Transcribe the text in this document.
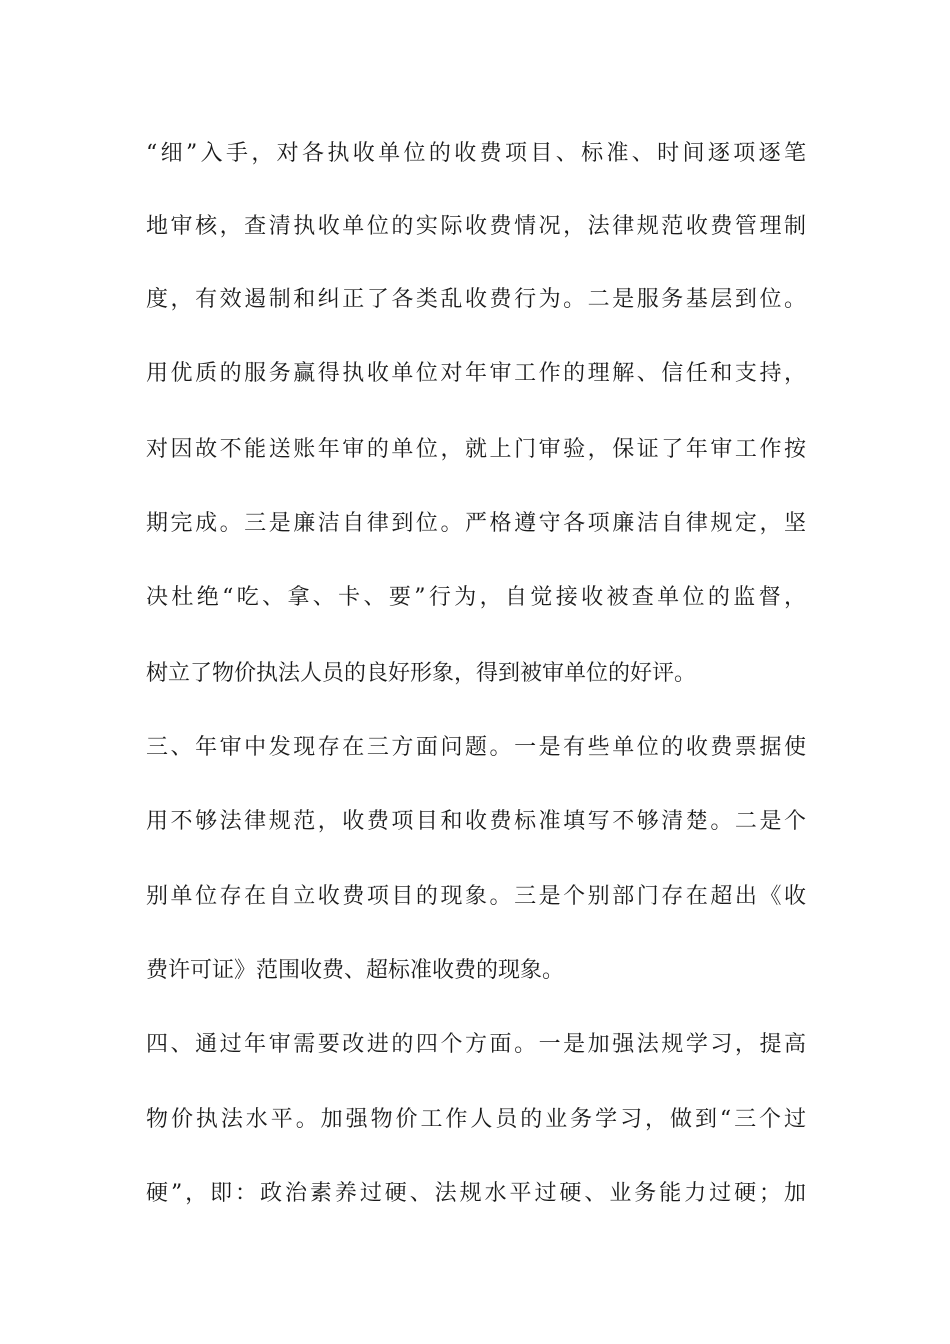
“细”入手，对各执收单位的收费项目、标准、时间逐项逐笔
地审核，查清执收单位的实际收费情况，法律规范收费管理制
度，有效遏制和纠正了各类乱收费行为。二是服务基层到位。
用优质的服务赢得执收单位对年审工作的理解、信任和支持，
对因故不能送账年审的单位，就上门审验，保证了年审工作按
期完成。三是廉洁自律到位。严格遵守各项廉洁自律规定，坚
决杜绝“吃、拿、卡、要”行为，自觉接收被查单位的监督，
树立了物价执法人员的良好形象，得到被审单位的好评。
三、年审中发现存在三方面问题。一是有些单位的收费票据使
用不够法律规范，收费项目和收费标准填写不够清楚。二是个
别单位存在自立收费项目的现象。三是个别部门存在超出《收
费许可证》范围收费、超标准收费的现象。
四、通过年审需要改进的四个方面。一是加强法规学习，提高
物价执法水平。加强物价工作人员的业务学习，做到“三个过
硬”，即：政治素养过硬、法规水平过硬、业务能力过硬；加
